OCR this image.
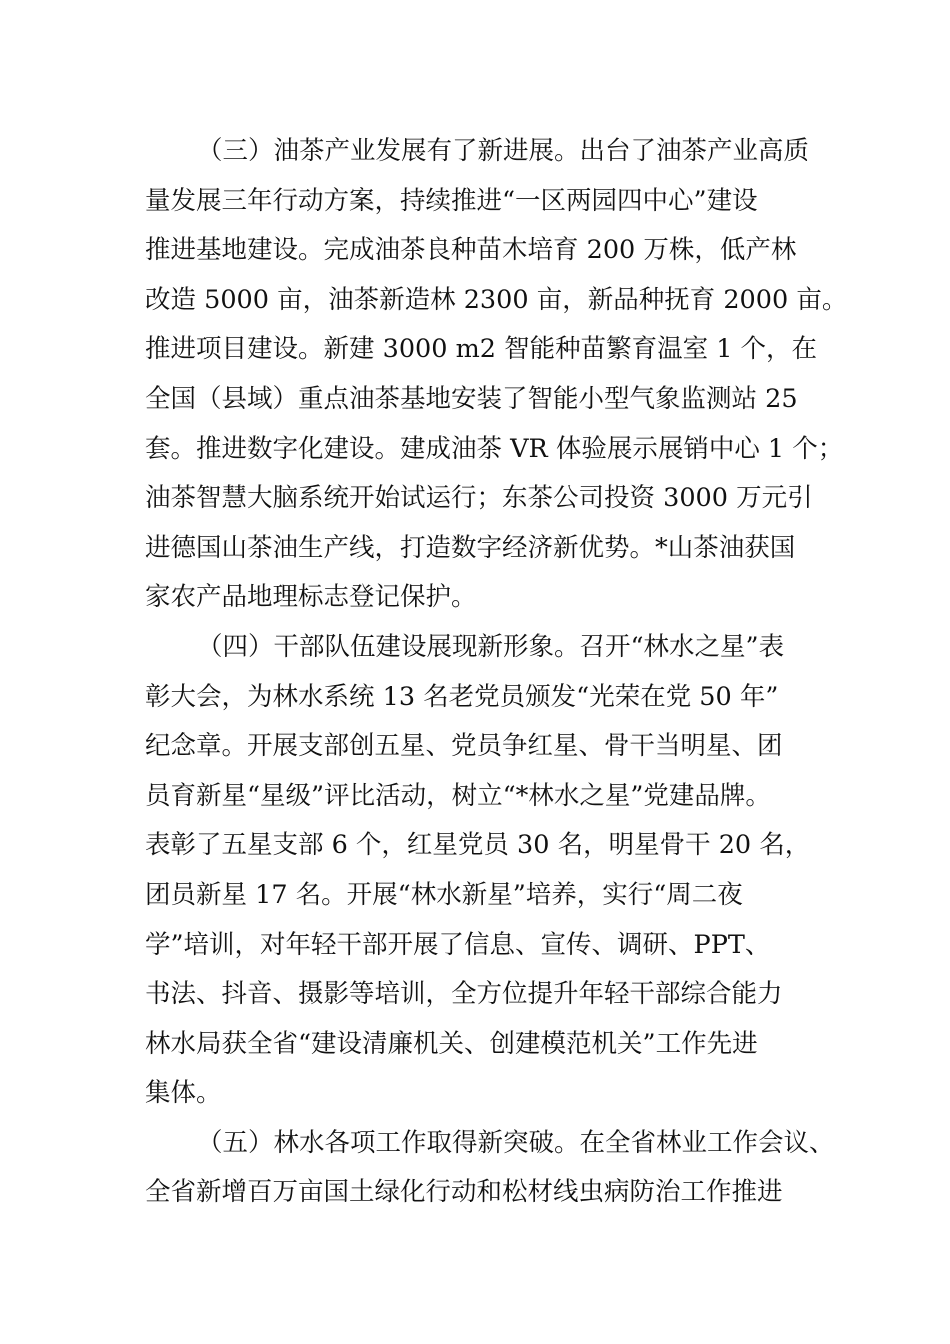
（三）油茶产业发展有了新进展。出台了油茶产业高质
量发展三年行动方案，持续推进“一区两园四中心”建设
推进基地建设。完成油茶良种苗木培育 200 万株，低产林
改造 5000 亩，油茶新造林 2300 亩，新品种抚育 2000 亩。
推进项目建设。新建 3000 m2 智能种苗繁育温室 1 个，在
全国（县域）重点油茶基地安装了智能小型气象监测站 25
套。推进数字化建设。建成油茶 VR 体验展示展销中心 1 个；
油茶智慧大脑系统开始试运行；东茶公司投资 3000 万元引
进德国山茶油生产线，打造数字经济新优势。*山茶油获国
家农产品地理标志登记保护。
（四）干部队伍建设展现新形象。召开“林水之星”表
彰大会，为林水系统 13 名老党员颁发“光荣在党 50 年”
纪念章。开展支部创五星、党员争红星、骨干当明星、团
员育新星“星级”评比活动，树立“*林水之星”党建品牌。
表彰了五星支部 6 个，红星党员 30 名，明星骨干 20 名，
团员新星 17 名。开展“林水新星”培养，实行“周二夜
学”培训，对年轻干部开展了信息、宣传、调研、PPT、
书法、抖音、摄影等培训，全方位提升年轻干部综合能力
林水局获全省“建设清廉机关、创建模范机关”工作先进
集体。
（五）林水各项工作取得新突破。在全省林业工作会议、
全省新增百万亩国土绿化行动和松材线虫病防治工作推进
